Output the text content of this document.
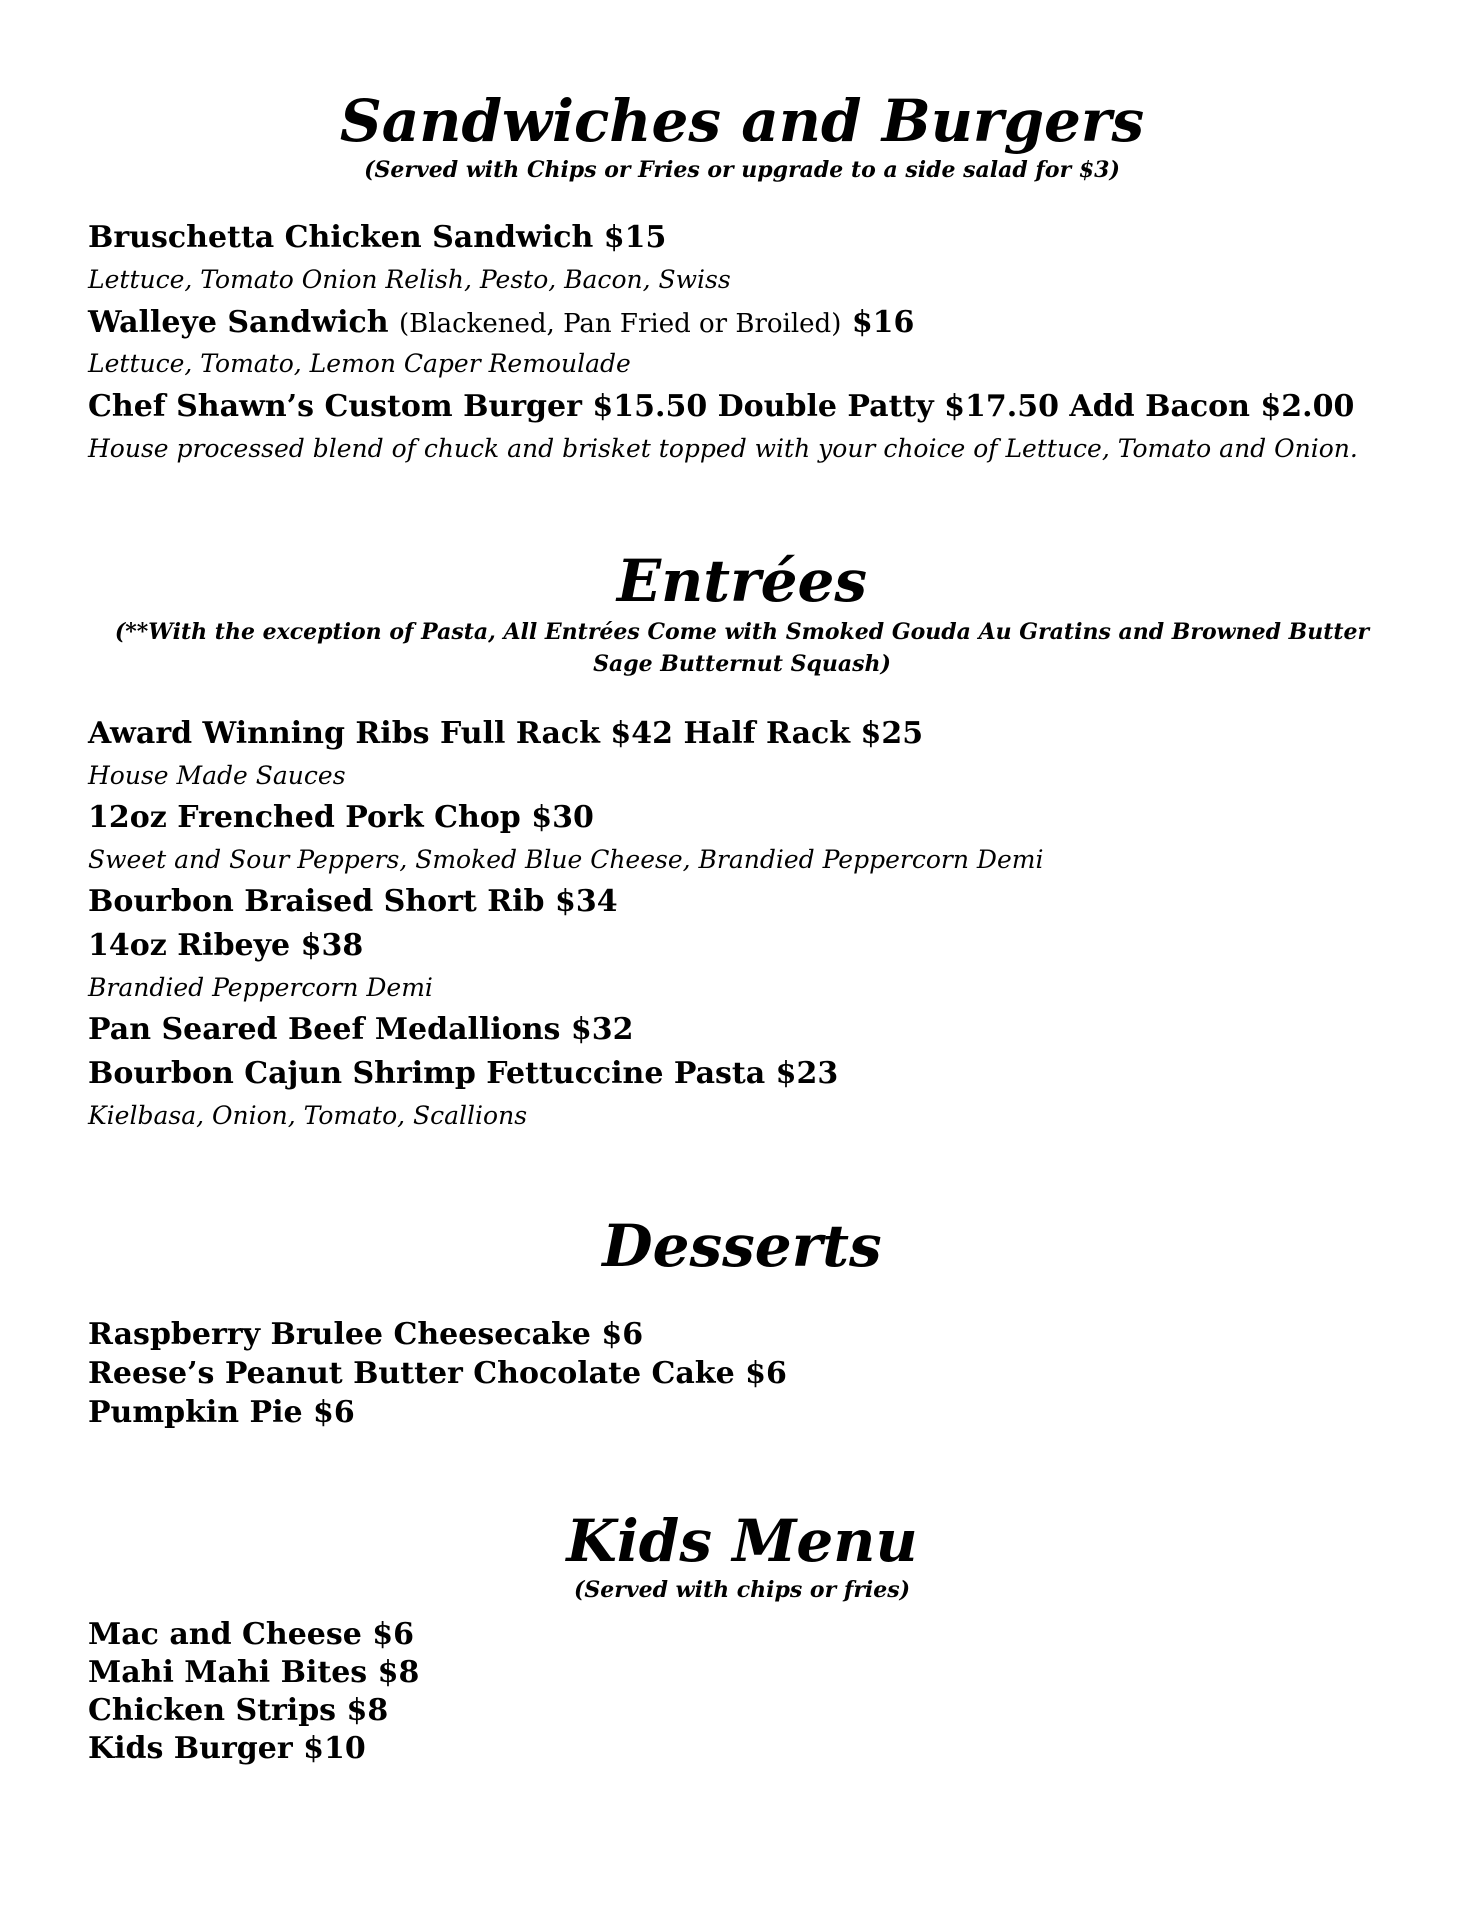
Sandwiches and Burgers

(Served with Chips or Fries or upgrade to a side salad for $3)

Bruschetta Chicken Sandwich $15

Lettuce, Tomato Onion Relish, Pesto, Bacon, Swiss

Walleye Sandwich (Blackened, Pan Fried or Broiled) $16

Lettuce, Tomato, Lemon Caper Remoulade

Chef Shawn’s Custom Burger $15.50 Double Patty $17.50 Add Bacon $2.00

House processed blend of chuck and brisket topped with your choice of Lettuce, Tomato and Onion.

Entrées

(**With the exception of Pasta, All Entrées Come with Smoked Gouda Au Gratins and Browned Butter

Sage Butternut Squash)

Award Winning Ribs Full Rack $42 Half Rack $25

House Made Sauces

12oz Frenched Pork Chop $30

Sweet and Sour Peppers, Smoked Blue Cheese, Brandied Peppercorn Demi

Bourbon Braised Short Rib $34

14oz Ribeye $38

Brandied Peppercorn Demi

Pan Seared Beef Medallions $32

Bourbon Cajun Shrimp Fettuccine Pasta $23

Kielbasa, Onion, Tomato, Scallions

Desserts

Raspberry Brulee Cheesecake $6

Reese’s Peanut Butter Chocolate Cake $6

Pumpkin Pie $6

Kids Menu

(Served with chips or fries)

Mac and Cheese $6

Mahi Mahi Bites $8

Chicken Strips $8

Kids Burger $10
